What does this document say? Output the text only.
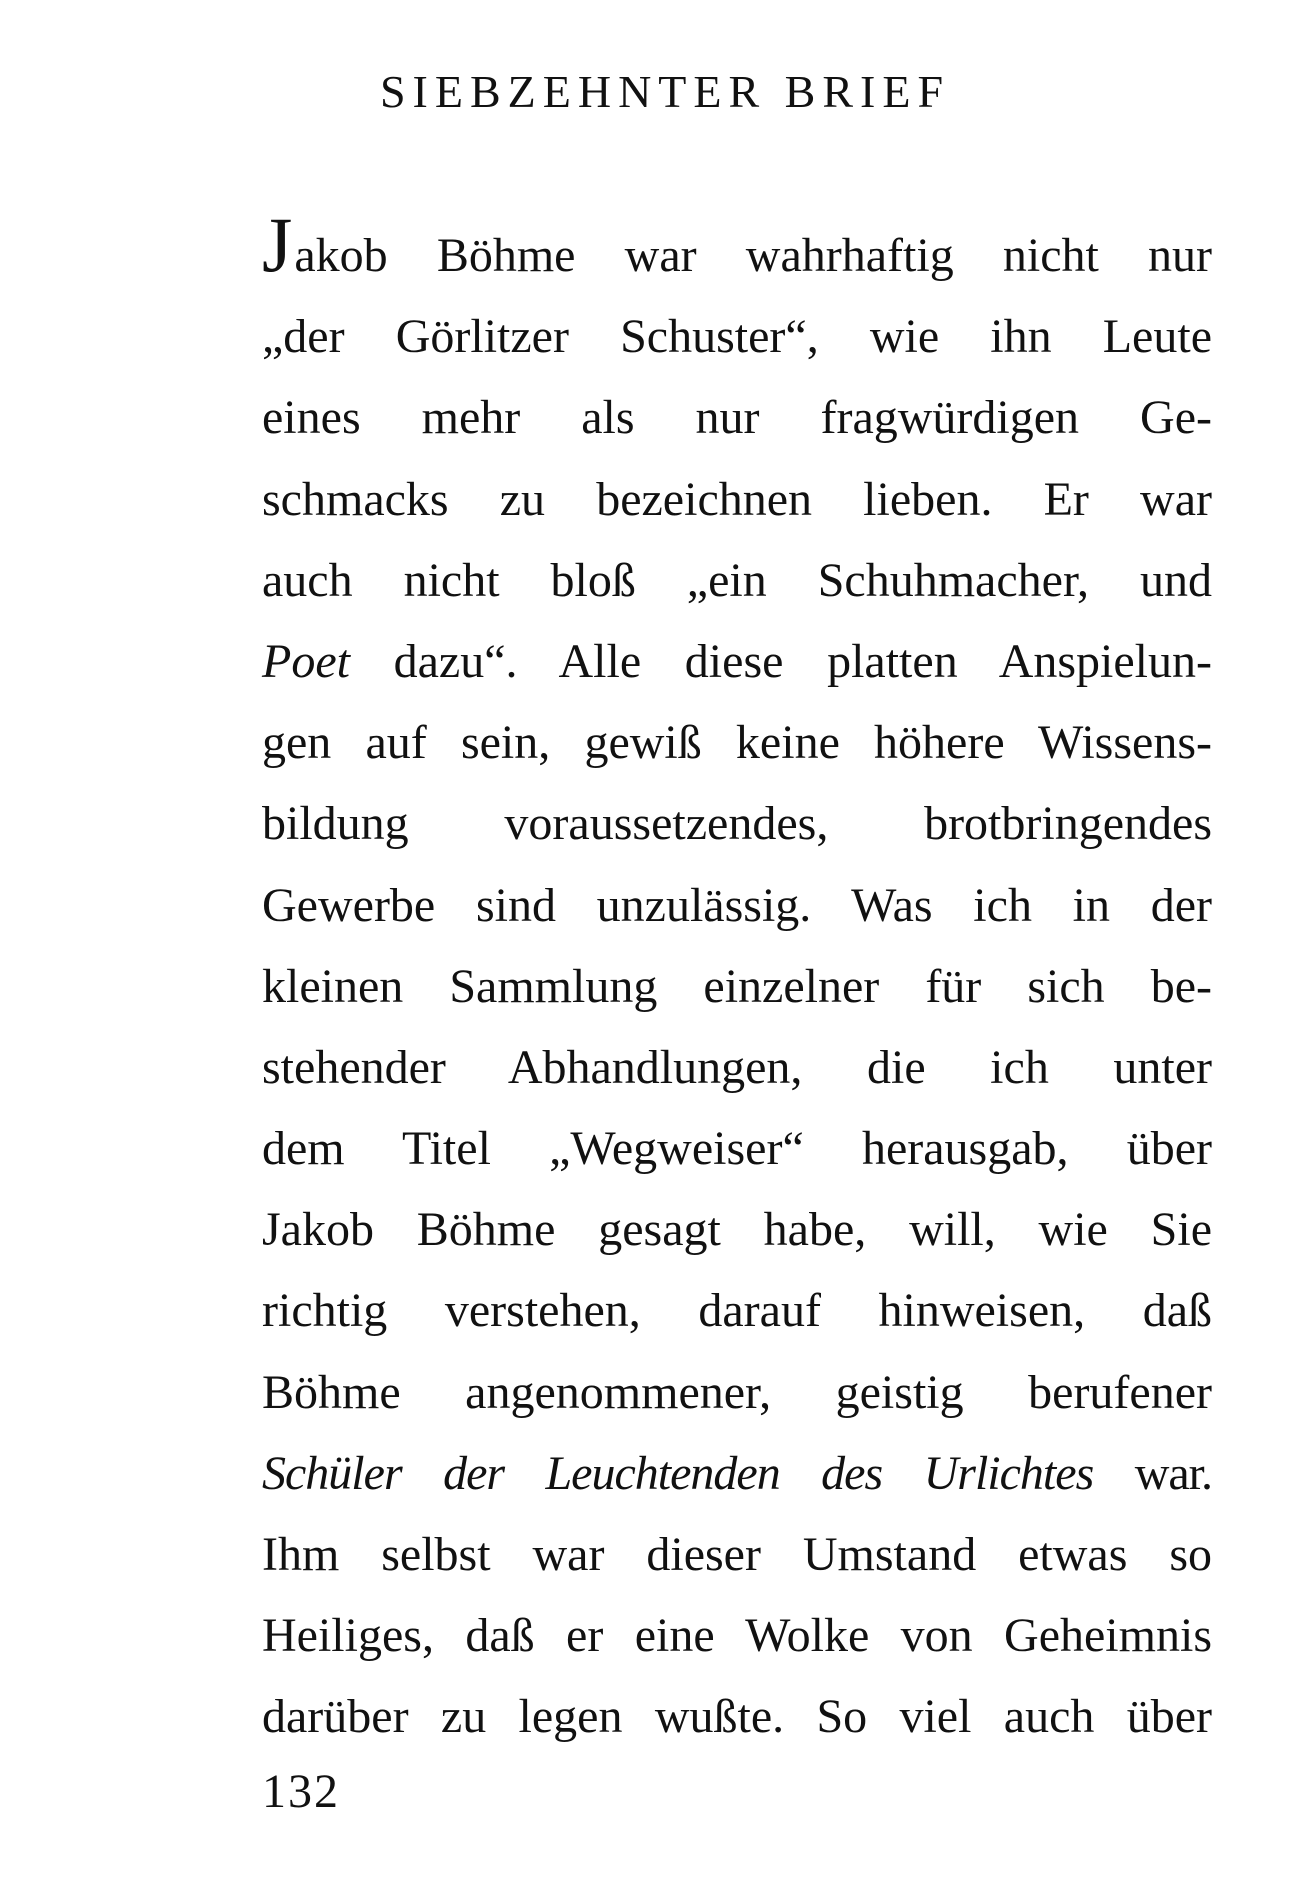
SIEBZEHNTER BRIEF
Jakob Böhme war wahrhaftig nicht nur
„der Görlitzer Schuster“, wie ihn Leute
eines mehr als nur fragwürdigen Ge-
schmacks zu bezeichnen lieben. Er war
auch nicht bloß „ein Schuhmacher, und
Poet dazu“. Alle diese platten Anspielun-
gen auf sein, gewiß keine höhere Wissens-
bildung voraussetzendes, brotbringendes
Gewerbe sind unzulässig. Was ich in der
kleinen Sammlung einzelner für sich be-
stehender Abhandlungen, die ich unter
dem Titel „Wegweiser“ herausgab, über
Jakob Böhme gesagt habe, will, wie Sie
richtig verstehen, darauf hinweisen, daß
Böhme angenommener, geistig berufener
Schüler der Leuchtenden des Urlichtes war.
Ihm selbst war dieser Umstand etwas so
Heiliges, daß er eine Wolke von Geheimnis
darüber zu legen wußte. So viel auch über
132
